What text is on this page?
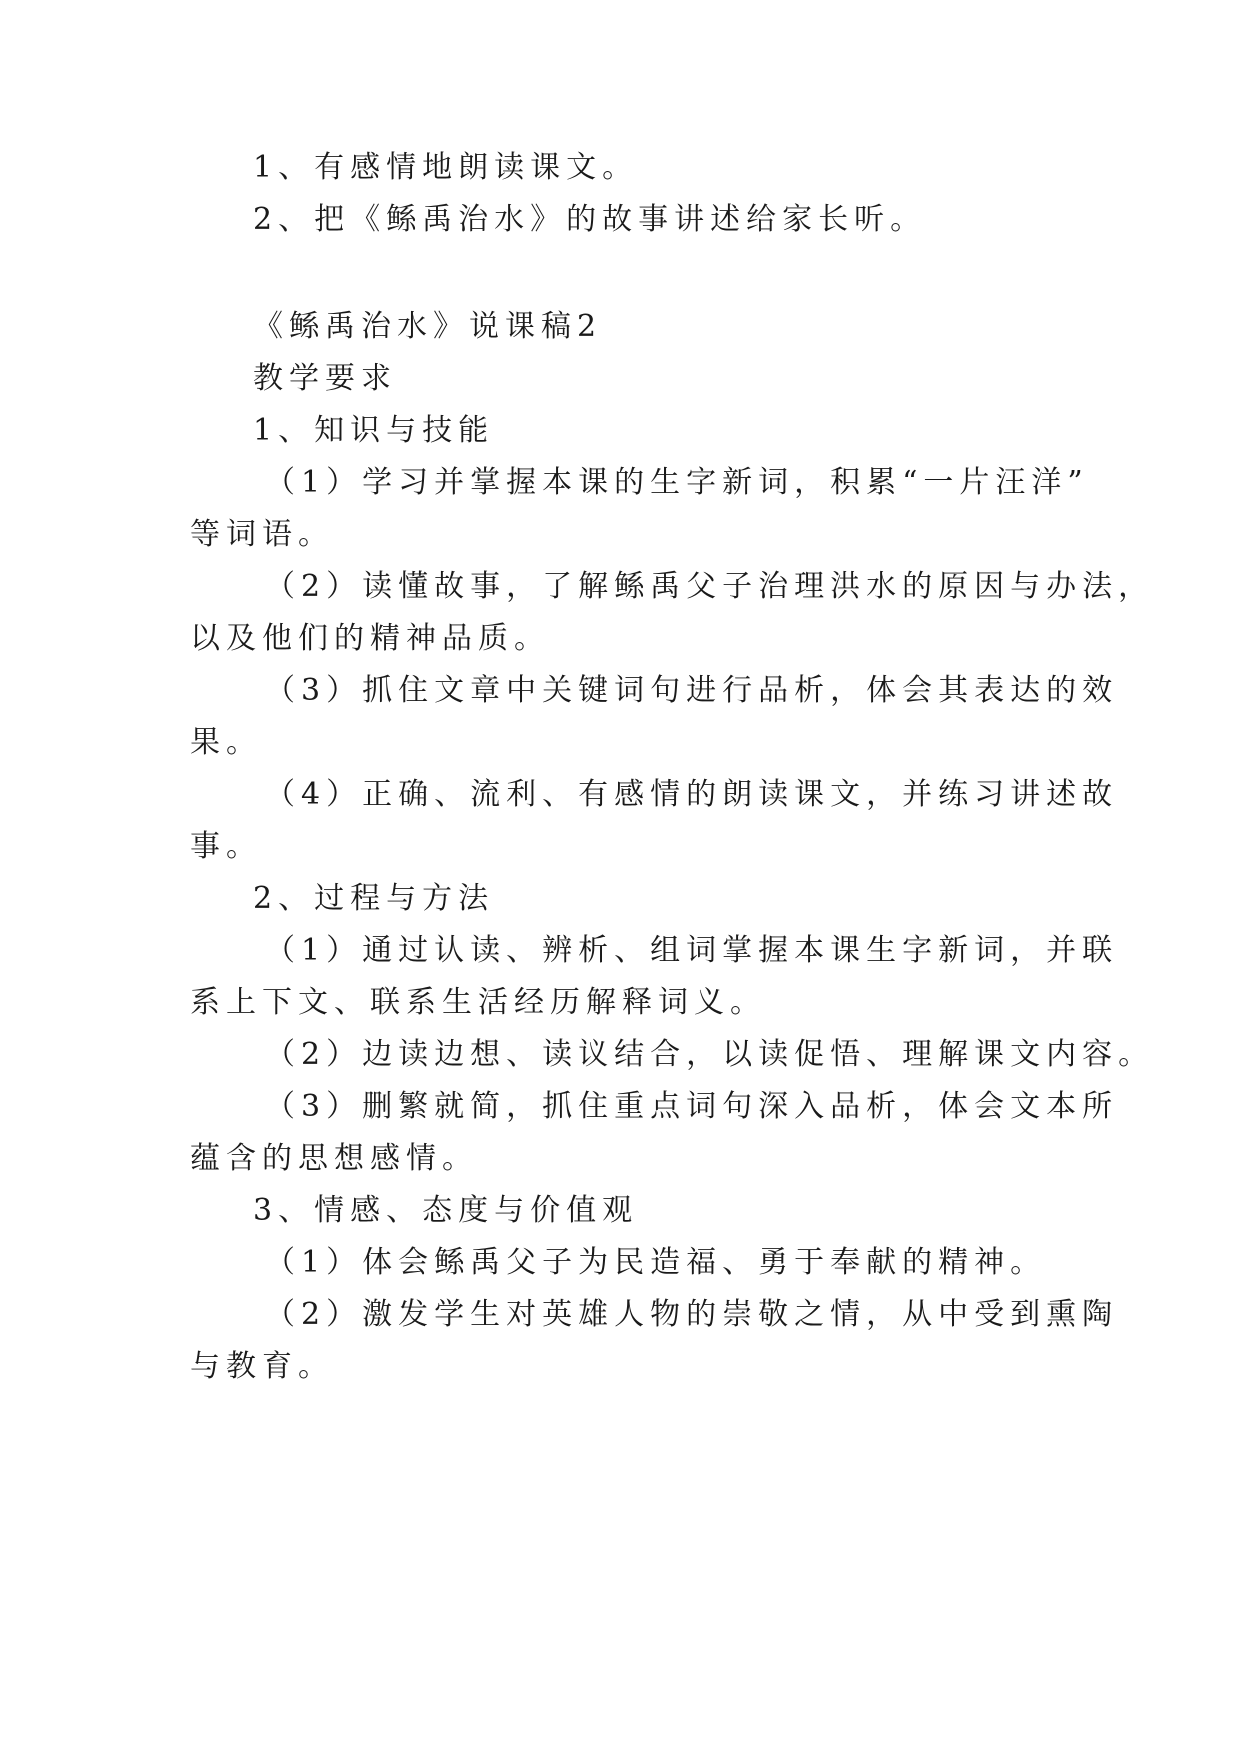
1、有感情地朗读课文。
2、把《鲧禹治水》的故事讲述给家长听。
《鲧禹治水》说课稿2
教学要求
1、知识与技能
（1）学习并掌握本课的生字新词，积累“一片汪洋”
等词语。
（2）读懂故事，了解鲧禹父子治理洪水的原因与办法，
以及他们的精神品质。
（3）抓住文章中关键词句进行品析，体会其表达的效
果。
（4）正确、流利、有感情的朗读课文，并练习讲述故
事。
2、过程与方法
（1）通过认读、辨析、组词掌握本课生字新词，并联
系上下文、联系生活经历解释词义。
（2）边读边想、读议结合，以读促悟、理解课文内容。
（3）删繁就简，抓住重点词句深入品析，体会文本所
蕴含的思想感情。
3、情感、态度与价值观
（1）体会鲧禹父子为民造福、勇于奉献的精神。
（2）激发学生对英雄人物的崇敬之情，从中受到熏陶
与教育。
